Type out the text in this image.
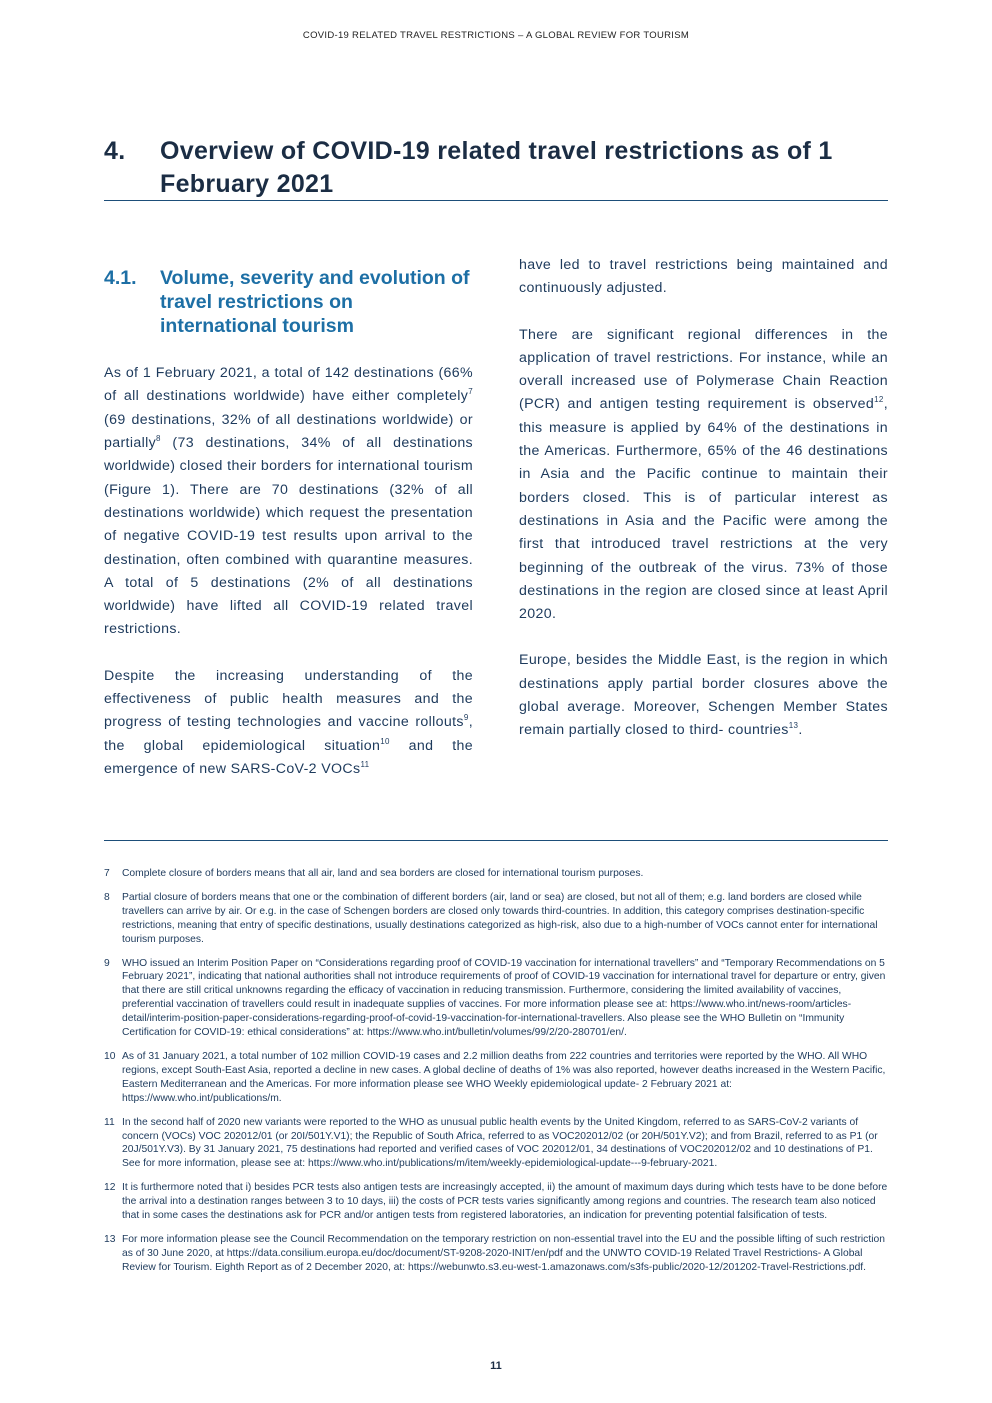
COVID-19 RELATED TRAVEL RESTRICTIONS – A GLOBAL REVIEW FOR TOURISM
4. Overview of COVID-19 related travel restrictions as of 1 February 2021
4.1. Volume, severity and evolution of travel restrictions on international tourism

As of 1 February 2021, a total of 142 destinations (66% of all destinations worldwide) have either completely$^7$ (69 destinations, 32% of all destinations worldwide) or partially$^8$ (73 destinations, 34% of all destinations worldwide) closed their borders for international tourism (Figure 1). There are 70 destinations (32% of all destinations worldwide) which request the presentation of negative COVID-19 test results upon arrival to the destination, often combined with quarantine measures. A total of 5 destinations (2% of all destinations worldwide) have lifted all COVID-19 related travel restrictions.

Despite the increasing understanding of the effectiveness of public health measures and the progress of testing technologies and vaccine rollouts$^9$, the global epidemiological situation$^{10}$ and the emergence of new SARS-CoV-2 VOCs$^{11}$

have led to travel restrictions being maintained and continuously adjusted.

There are significant regional differences in the application of travel restrictions. For instance, while an overall increased use of Polymerase Chain Reaction (PCR) and antigen testing requirement is observed$^{12}$, this measure is applied by 64% of the destinations in the Americas. Furthermore, 65% of the 46 destinations in Asia and the Pacific continue to maintain their borders closed. This is of particular interest as destinations in Asia and the Pacific were among the first that introduced travel restrictions at the very beginning of the outbreak of the virus. 73% of those destinations in the region are closed since at least April 2020.

Europe, besides the Middle East, is the region in which destinations apply partial border closures above the global average. Moreover, Schengen Member States remain partially closed to third- countries$^{13}$.

7 Complete closure of borders means that all air, land and sea borders are closed for international tourism purposes.
8 Partial closure of borders means that one or the combination of different borders (air, land or sea) are closed, but not all of them; e.g. land borders are closed while travellers can arrive by air. Or e.g. in the case of Schengen borders are closed only towards third-countries. In addition, this category comprises destination-specific restrictions, meaning that entry of specific destinations, usually destinations categorized as high-risk, also due to a high-number of VOCs cannot enter for international tourism purposes.
9 WHO issued an Interim Position Paper on “Considerations regarding proof of COVID-19 vaccination for international travellers” and “Temporary Recommendations on 5 February 2021”, indicating that national authorities shall not introduce requirements of proof of COVID-19 vaccination for international travel for departure or entry, given that there are still critical unknowns regarding the efficacy of vaccination in reducing transmission. Furthermore, considering the limited availability of vaccines, preferential vaccination of travellers could result in inadequate supplies of vaccines. For more information please see at: https://www.who.int/news-room/articles-detail/interim-position-paper-considerations-regarding-proof-of-covid-19-vaccination-for-international-travellers. Also please see the WHO Bulletin on “Immunity Certification for COVID-19: ethical considerations” at: https://www.who.int/bulletin/volumes/99/2/20-280701/en/.
10 As of 31 January 2021, a total number of 102 million COVID-19 cases and 2.2 million deaths from 222 countries and territories were reported by the WHO. All WHO regions, except South-East Asia, reported a decline in new cases. A global decline of deaths of 1% was also reported, however deaths increased in the Western Pacific, Eastern Mediterranean and the Americas. For more information please see WHO Weekly epidemiological update- 2 February 2021 at: https://www.who.int/publications/m.
11 In the second half of 2020 new variants were reported to the WHO as unusual public health events by the United Kingdom, referred to as SARS-CoV-2 variants of concern (VOCs) VOC 202012/01 (or 20I/501Y.V1); the Republic of South Africa, referred to as VOC202012/02 (or 20H/501Y.V2); and from Brazil, referred to as P1 (or 20J/501Y.V3). By 31 January 2021, 75 destinations had reported and verified cases of VOC 202012/01, 34 destinations of VOC202012/02 and 10 destinations of P1. See for more information, please see at: https://www.who.int/publications/m/item/weekly-epidemiological-update---9-february-2021.
12 It is furthermore noted that i) besides PCR tests also antigen tests are increasingly accepted, ii) the amount of maximum days during which tests have to be done before the arrival into a destination ranges between 3 to 10 days, iii) the costs of PCR tests varies significantly among regions and countries. The research team also noticed that in some cases the destinations ask for PCR and/or antigen tests from registered laboratories, an indication for preventing potential falsification of tests.
13 For more information please see the Council Recommendation on the temporary restriction on non-essential travel into the EU and the possible lifting of such restriction as of 30 June 2020, at https://data.consilium.europa.eu/doc/document/ST-9208-2020-INIT/en/pdf and the UNWTO COVID-19 Related Travel Restrictions- A Global Review for Tourism. Eighth Report as of 2 December 2020, at: https://webunwto.s3.eu-west-1.amazonaws.com/s3fs-public/2020-12/201202-Travel-Restrictions.pdf.
11
